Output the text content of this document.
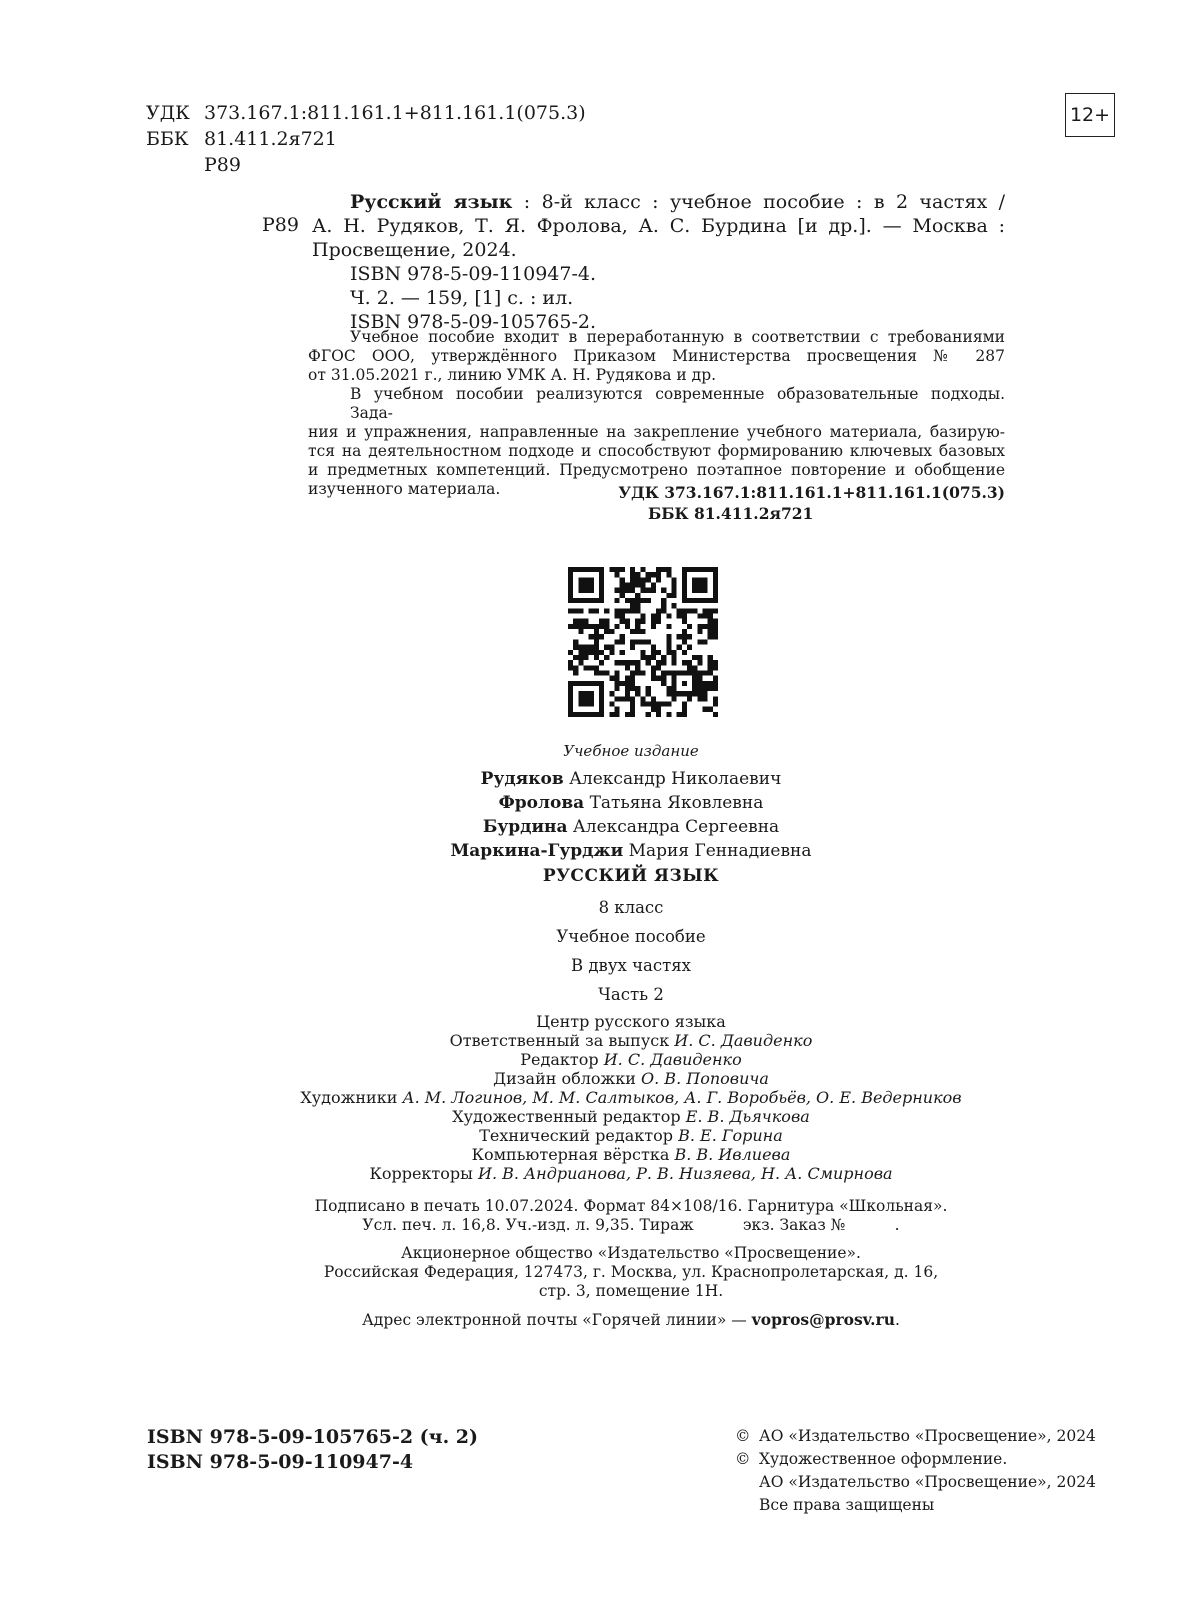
УДК 373.167.1:811.161.1+811.161.1(075.3)
ББК 81.411.2я721
Р89
12+
Р89
Русский язык : 8-й класс : учебное пособие : в 2 частях /
А. Н. Рудяков, Т. Я. Фролова, А. С. Бурдина [и др.]. — Москва :
Просвещение, 2024.
ISBN 978-5-09-110947-4.
Ч. 2. — 159, [1] с. : ил.
ISBN 978-5-09-105765-2.
Учебное пособие входит в переработанную в соответствии с требованиями
ФГОС ООО, утверждённого Приказом Министерства просвещения № 287
от 31.05.2021 г., линию УМК А. Н. Рудякова и др.
В учебном пособии реализуются современные образовательные подходы. Зада-
ния и упражнения, направленные на закрепление учебного материала, базирую-
тся на деятельностном подходе и способствуют формированию ключевых базовых
и предметных компетенций. Предусмотрено поэтапное повторение и обобщение
изученного материала.	УДК 373.167.1:811.161.1+811.161.1(075.3)
ББК 81.411.2я721
Учебное издание
Рудяков Александр Николаевич
Фролова Татьяна Яковлевна
Бурдина Александра Сергеевна
Маркина-Гурджи Мария Геннадиевна
РУССКИЙ ЯЗЫК
8 класс
Учебное пособие
В двух частях
Часть 2
Центр русского языка
Ответственный за выпуск И. С. Давиденко
Редактор И. С. Давиденко
Дизайн обложки О. В. Поповича
Художники А. М. Логинов, М. М. Салтыков, А. Г. Воробьёв, О. Е. Ведерников
Художественный редактор Е. В. Дьячкова
Технический редактор В. Е. Горина
Компьютерная вёрстка В. В. Ивлиева
Корректоры И. В. Андрианова, Р. В. Низяева, Н. А. Смирнова
Подписано в печать 10.07.2024. Формат 84×108/16. Гарнитура «Школьная».
Усл. печ. л. 16,8. Уч.-изд. л. 9,35. Тираж          экз. Заказ №          .
Акционерное общество «Издательство «Просвещение».
Российская Федерация, 127473, г. Москва, ул. Краснопролетарская, д. 16,
стр. 3, помещение 1Н.
Адрес электронной почты «Горячей линии» — vopros@prosv.ru.
ISBN 978-5-09-105765-2 (ч. 2)
ISBN 978-5-09-110947-4
© АО «Издательство «Просвещение», 2024
© Художественное оформление.
АО «Издательство «Просвещение», 2024
Все права защищены
